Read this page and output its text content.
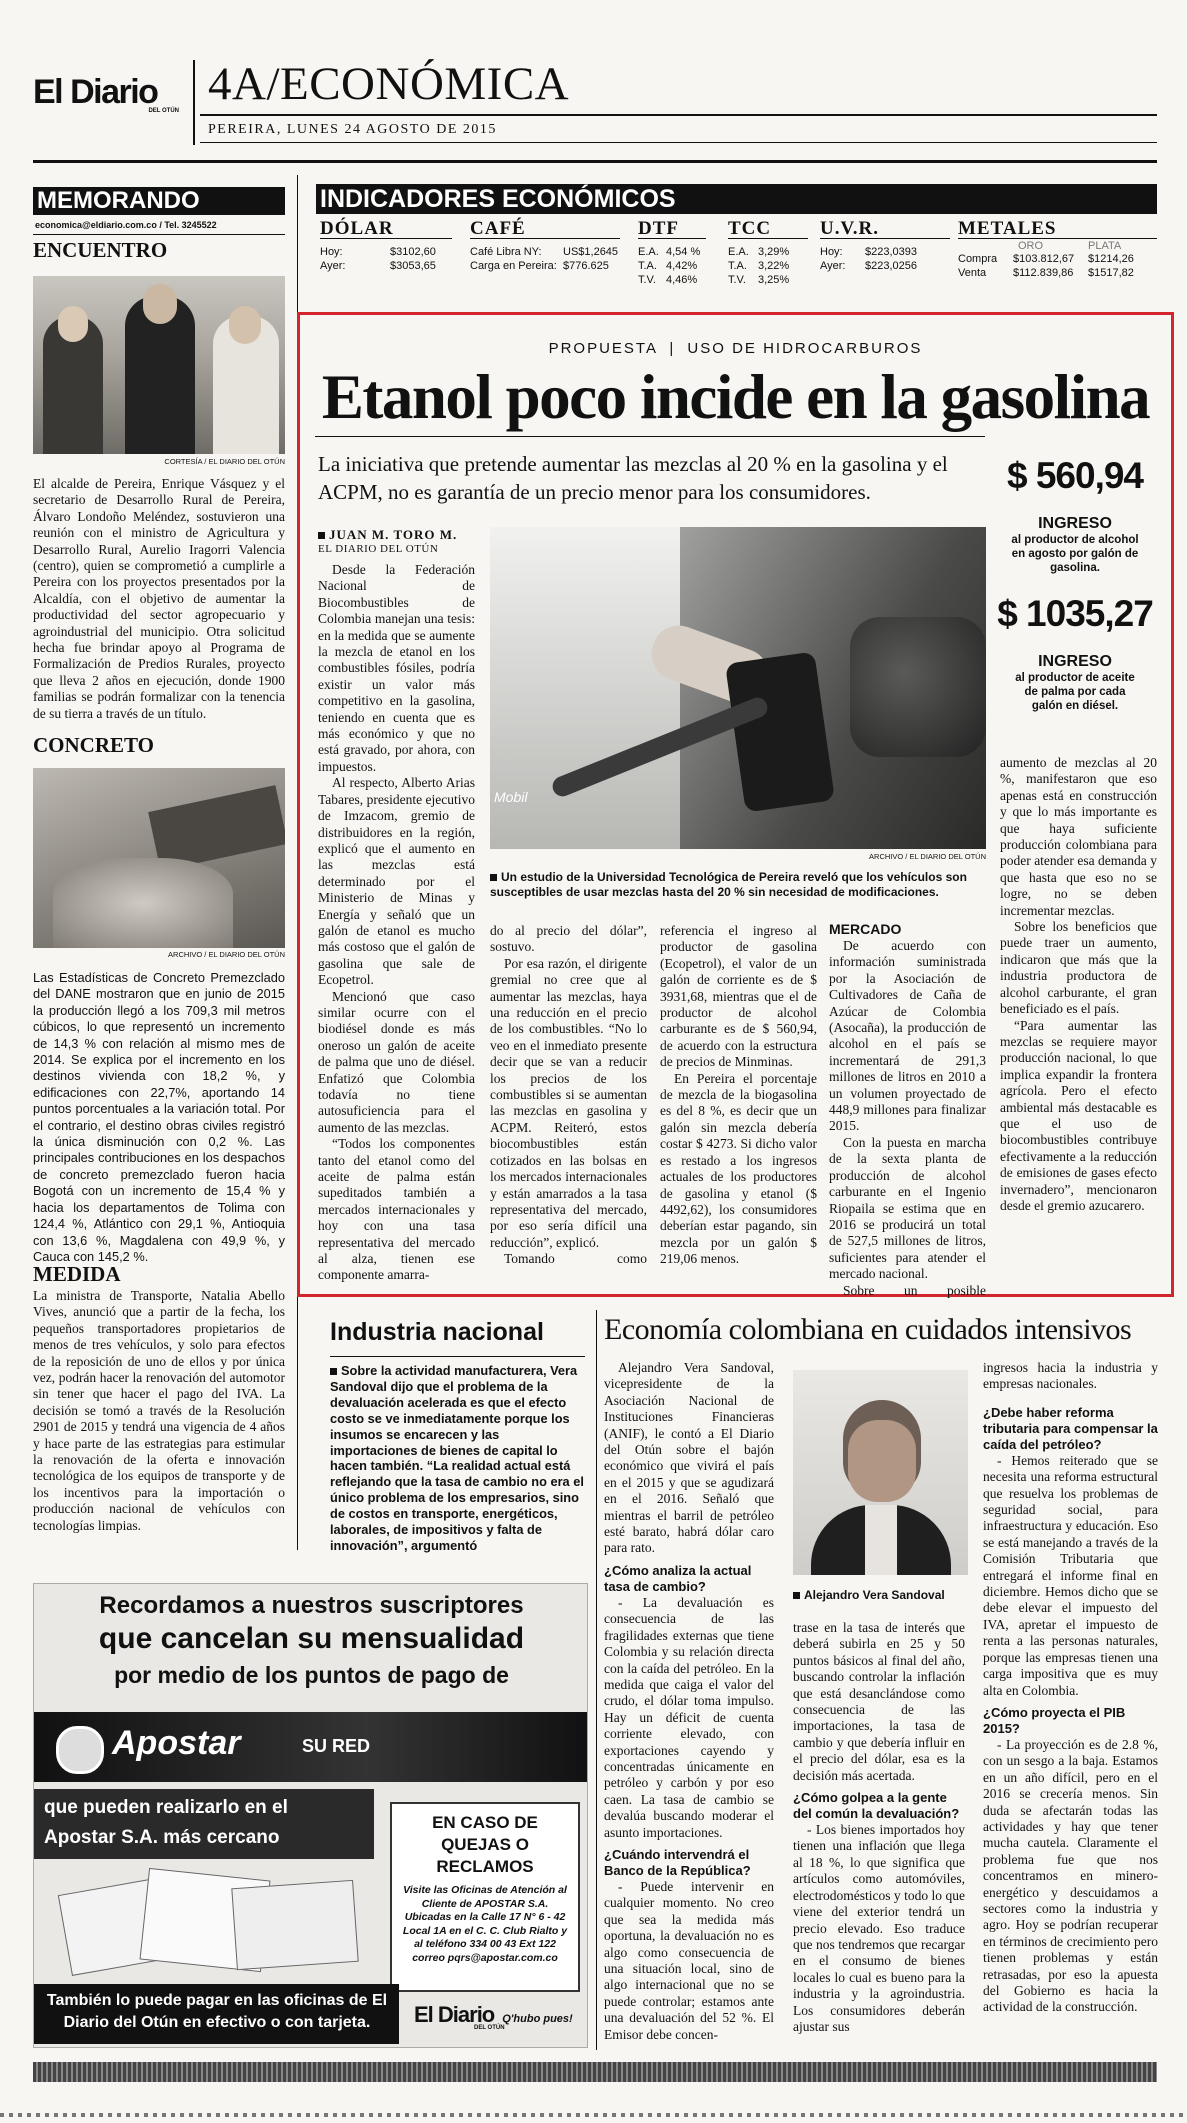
El Diario
DEL OTÚN
4A/ECONÓMICA
PEREIRA, LUNES 24 AGOSTO DE 2015
MEMORANDO
economica@eldiario.com.co / Tel. 3245522
ENCUENTRO
CORTESÍA / EL DIARIO DEL OTÚN

El alcalde de Pereira, Enrique Vásquez y el secretario de Desarrollo Rural de Pereira, Álvaro Londoño Meléndez, sostuvieron una reunión con el ministro de Agricultura y Desarrollo Rural, Aurelio Iragorri Valencia (centro), quien se comprometió a cumplirle a Pereira con los proyectos presentados por la Alcaldía, con el objetivo de aumentar la productividad del sector agropecuario y agroindustrial del municipio. Otra solicitud hecha fue brindar apoyo al Programa de Formalización de Predios Rurales, proyecto que lleva 2 años en ejecución, donde 1900 familias se podrán formalizar con la tenencia de su tierra a través de un título.

CONCRETO
ARCHIVO / EL DIARIO DEL OTÚN

Las Estadísticas de Concreto Premezclado del DANE mostraron que en junio de 2015 la producción llegó a los 709,3 mil metros cúbicos, lo que representó un incremento de 14,3 % con relación al mismo mes de 2014. Se explica por el incremento en los destinos vivienda con 18,2 %, y edificaciones con 22,7%, aportando 14 puntos porcentuales a la variación total. Por el contrario, el destino obras civiles registró la única disminución con 0,2 %. Las principales contribuciones en los despachos de concreto premezclado fueron hacia Bogotá con un incremento de 15,4 % y hacia los departamentos de Tolima con 124,4 %, Atlántico con 29,1 %, Antioquia con 13,6 %, Magdalena con 49,9 %, y Cauca con 145,2 %.

MEDIDA

La ministra de Transporte, Natalia Abello Vives, anunció que a partir de la fecha, los pequeños transportadores propietarios de menos de tres vehículos, y solo para efectos de la reposición de uno de ellos y por única vez, podrán hacer la renovación del automotor sin tener que hacer el pago del IVA. La decisión se tomó a través de la Resolución 2901 de 2015 y tendrá una vigencia de 4 años y hace parte de las estrategias para estimular la renovación de la oferta e innovación tecnológica de los equipos de transporte y de los incentivos para la importación o producción nacional de vehículos con tecnologías limpias.

INDICADORES ECONÓMICOS
DÓLAR
Hoy:	$3102,60
Ayer:	$3053,65
CAFÉ
Café Libra NY: US$1,2645
Carga en Pereira: $776.625
DTF
E.A. 4,54 %
T.A. 4,42%
T.V. 4,46%
TCC
E.A. 3,29%
T.A. 3,22%
T.V. 3,25%
U.V.R.
Hoy: $223,0393
Ayer: $223,0256
METALES
ORO	PLATA
Compra $103.812,67 $1214,26
Venta $112.839,86 $1517,82
PROPUESTA | USO DE HIDROCARBUROS
Etanol poco incide en la gasolina
La iniciativa que pretende aumentar las mezclas al 20 % en la gasolina y el ACPM, no es garantía de un precio menor para los consumidores.	$ 560,94
INGRESO
al productor de alcohol en agosto por galón de gasolina.
$ 1035,27
INGRESO
al productor de aceite de palma por cada galón en diésel.
JUAN M. TORO M.
EL DIARIO DEL OTÚN

Desde la Federación Nacional de Biocombustibles de Colombia manejan una tesis: en la medida que se aumente la mezcla de etanol en los combustibles fósiles, podría existir un valor más competitivo en la gasolina, teniendo en cuenta que es más económico y que no está gravado, por ahora, con impuestos.

Al respecto, Alberto Arias Tabares, presidente ejecutivo de Imzacom, gremio de distribuidores en la región, explicó que el aumento en las mezclas está determinado por el Ministerio de Minas y Energía y señaló que un galón de etanol es mucho más costoso que el galón de gasolina que sale de Ecopetrol.

Mencionó que caso similar ocurre con el biodiésel donde es más oneroso un galón de aceite de palma que uno de diésel. Enfatizó que Colombia todavía no tiene autosuficiencia para el aumento de las mezclas.

“Todos los componentes tanto del etanol como del aceite de palma están supeditados también a mercados internacionales y hoy con una tasa representativa del mercado al alza, tienen ese componente amarra-

Mobil
ARCHIVO / EL DIARIO DEL OTÚN
Un estudio de la Universidad Tecnológica de Pereira reveló que los vehículos son susceptibles de usar mezclas hasta del 20 % sin necesidad de modificaciones.

do al precio del dólar”, sostuvo.

Por esa razón, el dirigente gremial no cree que al aumentar las mezclas, haya una reducción en el precio de los combustibles. “No lo veo en el inmediato presente decir que se van a reducir los precios de los combustibles si se aumentan las mezclas en gasolina y ACPM. Reiterό, estos biocombustibles están cotizados en las bolsas en los mercados internacionales y están amarrados a la tasa representativa del mercado, por eso sería difícil una reducción”, explicó.

Tomando como

referencia el ingreso al productor de gasolina (Ecopetrol), el valor de un galón de corriente es de $ 3931,68, mientras que el de productor de alcohol carburante es de $ 560,94, de acuerdo con la estructura de precios de Minminas.

En Pereira el porcentaje de mezcla de la biogasolina es del 8 %, es decir que un galón sin mezcla debería costar $ 4273. Si dicho valor es restado a los ingresos actuales de los productores de gasolina y etanol ($ 4492,62), los consumidores deberían estar pagando, sin mezcla por un galón $ 219,06 menos.

MERCADO

De acuerdo con información suministrada por la Asociación de Cultivadores de Caña de Azúcar de Colombia (Asocaña), la producción de alcohol en el país se incrementará de 291,3 millones de litros en 2010 a un volumen proyectado de 448,9 millones para finalizar 2015.

Con la puesta en marcha de la sexta planta de producción de alcohol carburante en el Ingenio Riopaila se estima que en 2016 se producirá un total de 527,5 millones de litros, suficientes para atender el mercado nacional.

Sobre un posible

aumento de mezclas al 20 %, manifestaron que eso apenas está en construcción y que lo más importante es que haya suficiente producción colombiana para poder atender esa demanda y que hasta que eso no se logre, no se deben incrementar mezclas.

Sobre los beneficios que puede traer un aumento, indicaron que más que la industria productora de alcohol carburante, el gran beneficiado es el país.

“Para aumentar las mezclas se requiere mayor producción nacional, lo que implica expandir la frontera agrícola. Pero el efecto ambiental más destacable es que el uso de biocombustibles contribuye efectivamente a la reducción de emisiones de gases efecto invernadero”, mencionaron desde el gremio azucarero.

Industria nacional
Sobre la actividad manufacturera, Vera Sandoval dijo que el problema de la devaluación acelerada es que el efecto costo se ve inmediatamente porque los insumos se encarecen y las importaciones de bienes de capital lo hacen también. “La realidad actual está reflejando que la tasa de cambio no era el único problema de los empresarios, sino de costos en transporte, energéticos, laborales, de impositivos y falta de innovación”, argumentó
Economía colombiana en cuidados intensivos

Alejandro Vera Sandoval, vicepresidente de la Asociación Nacional de Instituciones Financieras (ANIF), le contó a El Diario del Otún sobre el bajón económico que vivirá el país en el 2015 y que se agudizará en el 2016. Señaló que mientras el barril de petróleo esté barato, habrá dólar caro para rato.

¿Cómo analiza la actual tasa de cambio?

- La devaluación es consecuencia de las fragilidades externas que tiene Colombia y su relación directa con la caída del petróleo. En la medida que caiga el valor del crudo, el dólar toma impulso. Hay un déficit de cuenta corriente elevado, con exportaciones cayendo y concentradas únicamente en petróleo y carbón y por eso caen. La tasa de cambio se devalúa buscando moderar el asunto importaciones.

¿Cuándo intervendrá el Banco de la República?

- Puede intervenir en cualquier momento. No creo que sea la medida más oportuna, la devaluación no es algo como consecuencia de una situación local, sino de algo internacional que no se puede controlar; estamos ante una devaluación del 52 %. El Emisor debe concen-

Alejandro Vera Sandoval

trase en la tasa de interés que deberá subirla en 25 y 50 puntos básicos al final del año, buscando controlar la inflación que está desanclándose como consecuencia de las importaciones, la tasa de cambio y que debería influir en el precio del dólar, esa es la decisión más acertada.

¿Cómo golpea a la gente del común la devaluación?

- Los bienes importados hoy tienen una inflación que llega al 18 %, lo que significa que artículos como automóviles, electrodomésticos y todo lo que viene del exterior tendrá un precio elevado. Eso traduce que nos tendremos que recargar en el consumo de bienes locales lo cual es bueno para la industria y la agroindustria. Los consumidores deberán ajustar sus

ingresos hacia la industria y empresas nacionales.

¿Debe haber reforma tributaria para compensar la caída del petróleo?

- Hemos reiterado que se necesita una reforma estructural que resuelva los problemas de seguridad social, para infraestructura y educación. Eso se está manejando a través de la Comisión Tributaria que entregará el informe final en diciembre. Hemos dicho que se debe elevar el impuesto del IVA, apretar el impuesto de renta a las personas naturales, porque las empresas tienen una carga impositiva que es muy alta en Colombia.

¿Cómo proyecta el PIB 2015?

- La proyección es de 2.8 %, con un sesgo a la baja. Estamos en un año difícil, pero en el 2016 se crecería menos. Sin duda se afectarán todas las actividades y hay que tener mucha cautela. Claramente el problema fue que nos concentramos en minero-energético y descuidamos a sectores como la industria y agro. Hoy se podrían recuperar en términos de crecimiento pero tienen problemas y están retrasadas, por eso la apuesta del Gobierno es hacia la actividad de la construcción.

Recordamos a nuestros suscriptores
que cancelan su mensualidad
por medio de los puntos de pago de
Apostar	SU RED
que pueden realizarlo en el
Apostar S.A. más cercano
EN CASO DE QUEJAS O RECLAMOS
Visite las Oficinas de Atención al Cliente de APOSTAR S.A. Ubicadas en la Calle 17 N° 6 - 42 Local 1A en el C. C. Club Rialto y al teléfono 334 00 43 Ext 122 correo pqrs@apostar.com.co
También lo puede pagar en las oficinas de El Diario del Otún en efectivo o con tarjeta.	El Diario Q'hubo pues!
DEL OTÚN
